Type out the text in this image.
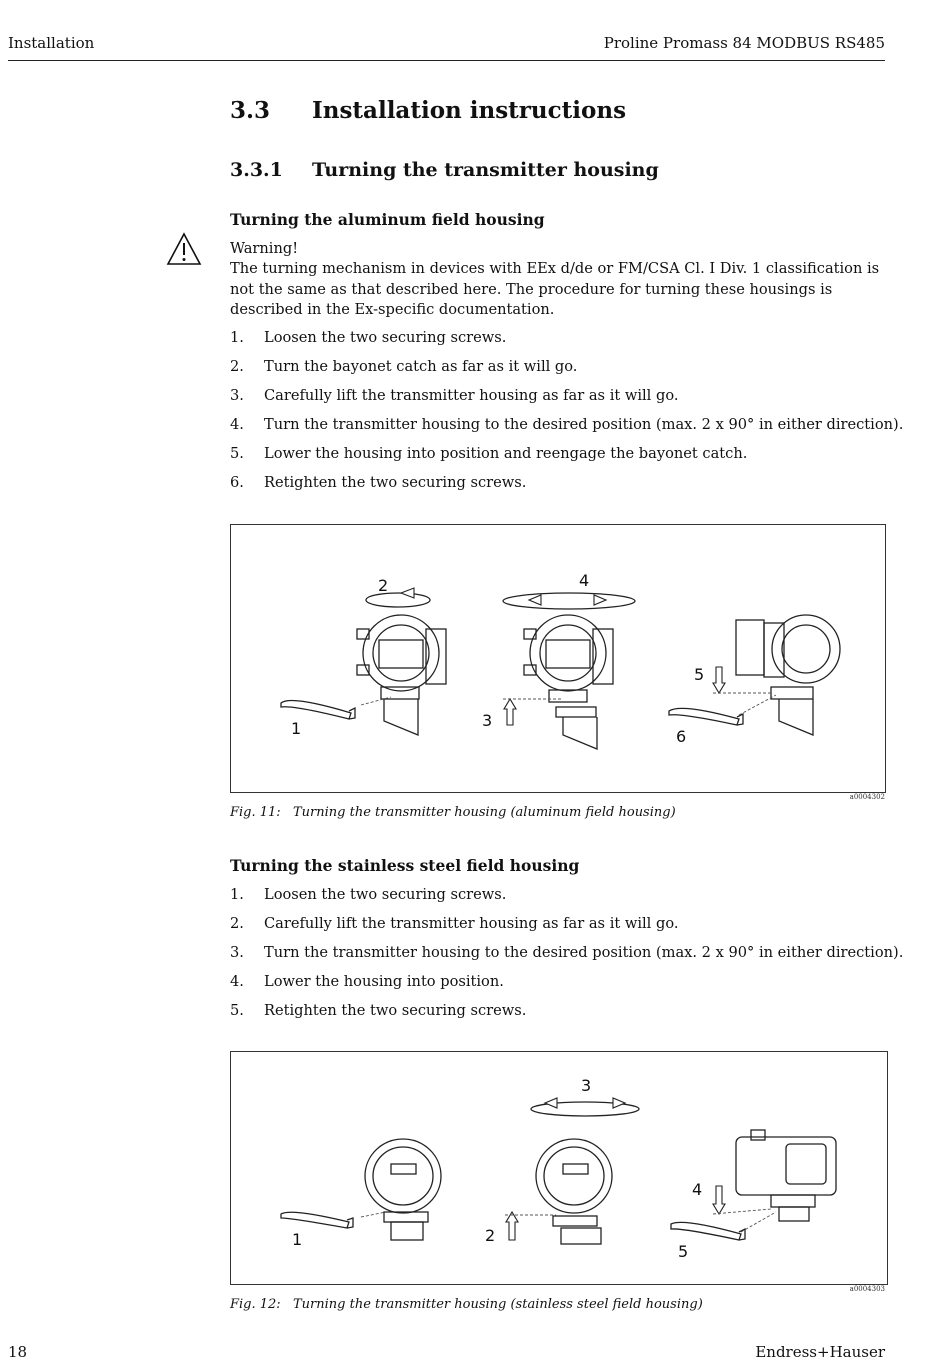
Installation	Proline Promass 84 MODBUS RS485
3.3 Installation instructions
3.3.1 Turning the transmitter housing
Turning the aluminum field housing
Warning!
The turning mechanism in devices with EEx d/de or FM/CSA Cl. I Div. 1 classification is not the same as that described here. The procedure for turning these housings is described in the Ex-specific documentation.
1. Loosen the two securing screws.
2. Turn the bayonet catch as far as it will go.
3. Carefully lift the transmitter housing as far as it will go.
4. Turn the transmitter housing to the desired position (max. 2 x 90° in either direction).
5. Lower the housing into position and reengage the bayonet catch.
6. Retighten the two securing screws.
1
2
3
4
5
6
a0004302
Fig. 11: Turning the transmitter housing (aluminum field housing)
Turning the stainless steel field housing
1. Loosen the two securing screws.
2. Carefully lift the transmitter housing as far as it will go.
3. Turn the transmitter housing to the desired position (max. 2 x 90° in either direction).
4. Lower the housing into position.
5. Retighten the two securing screws.
1	2
3
4
5
a0004303
Fig. 12: Turning the transmitter housing (stainless steel field housing)
18	Endress+Hauser
